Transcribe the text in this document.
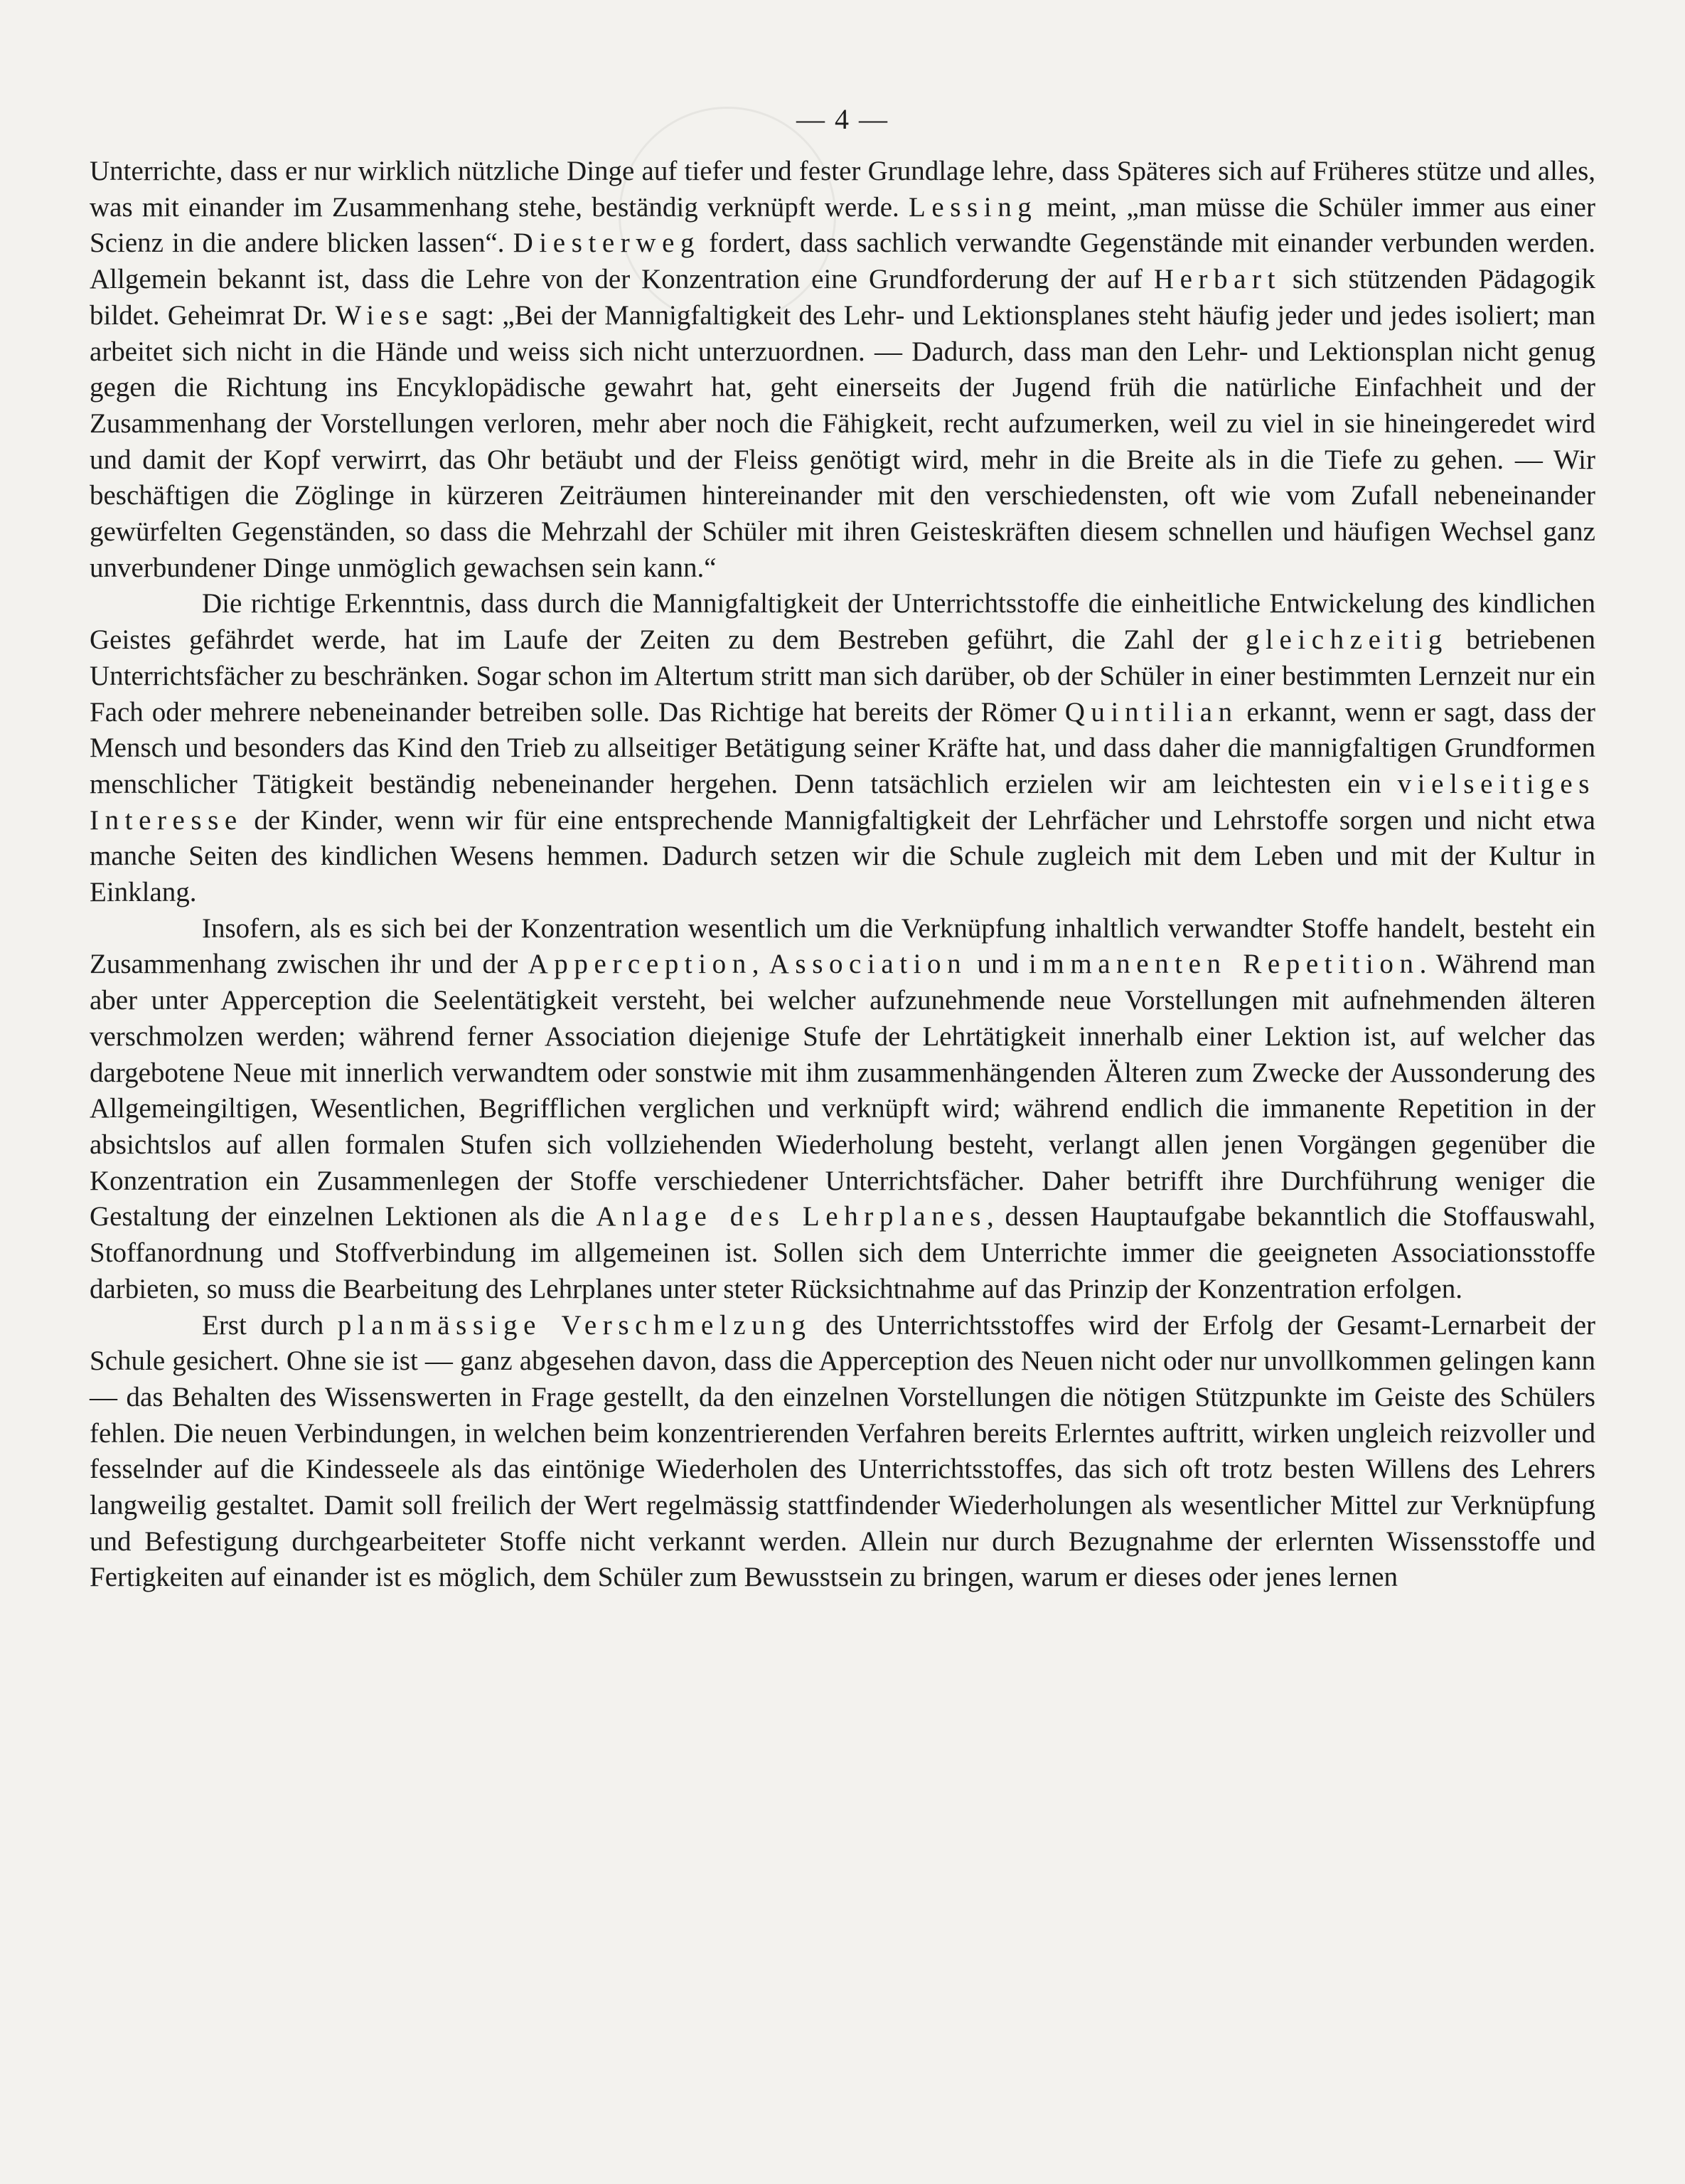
— 4 —

Unterrichte, dass er nur wirklich nützliche Dinge auf tiefer und fester Grundlage lehre, dass Späteres sich auf Früheres stütze und alles, was mit einander im Zusammenhang stehe, beständig verknüpft werde. Lessing meint, „man müsse die Schüler immer aus einer Scienz in die andere blicken lassen“. Diesterweg fordert, dass sachlich verwandte Gegenstände mit einander verbunden werden. Allgemein bekannt ist, dass die Lehre von der Konzentration eine Grundforderung der auf Herbart sich stützenden Pädagogik bildet. Geheimrat Dr. Wiese sagt: „Bei der Mannigfaltigkeit des Lehr- und Lektionsplanes steht häufig jeder und jedes isoliert; man arbeitet sich nicht in die Hände und weiss sich nicht unterzuordnen. — Dadurch, dass man den Lehr- und Lektionsplan nicht genug gegen die Richtung ins Encyklopädische gewahrt hat, geht einerseits der Jugend früh die natürliche Einfachheit und der Zusammenhang der Vorstellungen verloren, mehr aber noch die Fähigkeit, recht aufzumerken, weil zu viel in sie hineingeredet wird und damit der Kopf verwirrt, das Ohr betäubt und der Fleiss genötigt wird, mehr in die Breite als in die Tiefe zu gehen. — Wir beschäftigen die Zöglinge in kürzeren Zeiträumen hintereinander mit den verschiedensten, oft wie vom Zufall nebeneinander gewürfelten Gegenständen, so dass die Mehrzahl der Schüler mit ihren Geisteskräften diesem schnellen und häufigen Wechsel ganz unverbundener Dinge unmöglich gewachsen sein kann.“

Die richtige Erkenntnis, dass durch die Mannigfaltigkeit der Unterrichtsstoffe die einheitliche Entwickelung des kindlichen Geistes gefährdet werde, hat im Laufe der Zeiten zu dem Bestreben geführt, die Zahl der gleichzeitig betriebenen Unterrichtsfächer zu beschränken. Sogar schon im Altertum stritt man sich darüber, ob der Schüler in einer bestimmten Lernzeit nur ein Fach oder mehrere nebeneinander betreiben solle. Das Richtige hat bereits der Römer Quintilian erkannt, wenn er sagt, dass der Mensch und besonders das Kind den Trieb zu allseitiger Betätigung seiner Kräfte hat, und dass daher die mannigfaltigen Grundformen menschlicher Tätigkeit beständig nebeneinander hergehen. Denn tatsächlich erzielen wir am leichtesten ein vielseitiges Interesse der Kinder, wenn wir für eine entsprechende Mannigfaltigkeit der Lehrfächer und Lehrstoffe sorgen und nicht etwa manche Seiten des kindlichen Wesens hemmen. Dadurch setzen wir die Schule zugleich mit dem Leben und mit der Kultur in Einklang.

Insofern, als es sich bei der Konzentration wesentlich um die Verknüpfung inhaltlich verwandter Stoffe handelt, besteht ein Zusammenhang zwischen ihr und der Apperception, Association und immanenten Repetition. Während man aber unter Apperception die Seelentätigkeit versteht, bei welcher aufzunehmende neue Vorstellungen mit aufnehmenden älteren verschmolzen werden; während ferner Association diejenige Stufe der Lehrtätigkeit innerhalb einer Lektion ist, auf welcher das dargebotene Neue mit innerlich verwandtem oder sonstwie mit ihm zusammenhängenden Älteren zum Zwecke der Aussonderung des Allgemeingiltigen, Wesentlichen, Begrifflichen verglichen und verknüpft wird; während endlich die immanente Repetition in der absichtslos auf allen formalen Stufen sich vollziehenden Wiederholung besteht, verlangt allen jenen Vorgängen gegenüber die Konzentration ein Zusammenlegen der Stoffe verschiedener Unterrichtsfächer. Daher betrifft ihre Durchführung weniger die Gestaltung der einzelnen Lektionen als die Anlage des Lehrplanes, dessen Hauptaufgabe bekanntlich die Stoffauswahl, Stoffanordnung und Stoffverbindung im allgemeinen ist. Sollen sich dem Unterrichte immer die geeigneten Associationsstoffe darbieten, so muss die Bearbeitung des Lehrplanes unter steter Rücksichtnahme auf das Prinzip der Konzentration erfolgen.

Erst durch planmässige Verschmelzung des Unterrichtsstoffes wird der Erfolg der Gesamt-Lernarbeit der Schule gesichert. Ohne sie ist — ganz abgesehen davon, dass die Apperception des Neuen nicht oder nur unvollkommen gelingen kann — das Behalten des Wissenswerten in Frage gestellt, da den einzelnen Vorstellungen die nötigen Stützpunkte im Geiste des Schülers fehlen. Die neuen Verbindungen, in welchen beim konzentrierenden Verfahren bereits Erlerntes auftritt, wirken ungleich reizvoller und fesselnder auf die Kindesseele als das eintönige Wiederholen des Unterrichtsstoffes, das sich oft trotz besten Willens des Lehrers langweilig gestaltet. Damit soll freilich der Wert regelmässig stattfindender Wiederholungen als wesentlicher Mittel zur Verknüpfung und Befestigung durchgearbeiteter Stoffe nicht verkannt werden. Allein nur durch Bezugnahme der erlernten Wissensstoffe und Fertigkeiten auf einander ist es möglich, dem Schüler zum Bewusstsein zu bringen, warum er dieses oder jenes lernen
